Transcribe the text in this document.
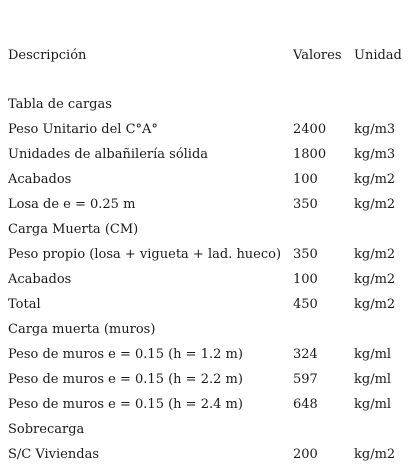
Descripción	Valores Unidad
Tabla de cargas
Peso Unitario del C°A°	2400 kg/m3
Unidades de albañilería sólida	1800 kg/m3
Acabados	100	kg/m2
Losa de e = 0.25 m	350	kg/m2
Carga Muerta (CM)
Peso propio (losa + vigueta + lad. hueco) 350	kg/m2
Acabados	100	kg/m2
Total	450	kg/m2
Carga muerta (muros)
Peso de muros e = 0.15 (h = 1.2 m)	324	kg/ml
Peso de muros e = 0.15 (h = 2.2 m)	597	kg/ml
Peso de muros e = 0.15 (h = 2.4 m)	648	kg/ml
Sobrecarga
S/C Viviendas	200	kg/m2
